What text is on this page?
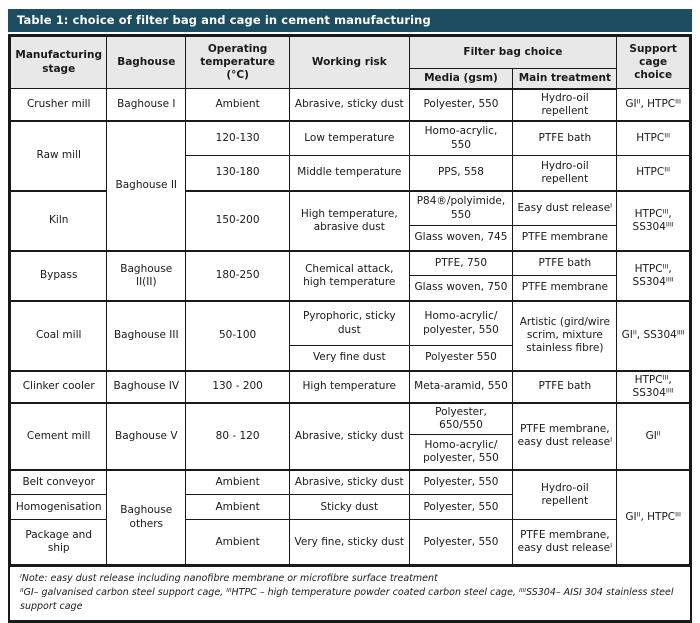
Table 1: choice of filter bag and cage in cement manufacturing
Manufacturing stage	Baghouse	Operating temperature (°C)	Working risk	Filter bag choice		Support cage choice
				Media (gsm)	Main treatment	
Crusher mill	Baghouse I	Ambient	Abrasive, sticky dust	Polyester, 550	Hydro-oil repellent	GIᴵᴵ, HTPCᴵᴵᴵ
Raw mill	Baghouse II	120-130	Low temperature	Homo-acrylic, 550	PTFE bath	HTPCᴵᴵᴵ
		130-180	Middle temperature	PPS, 558	Hydro-oil repellent	HTPCᴵᴵᴵ
Kiln		150-200	High temperature, abrasive dust	P84®/​polyimide, 550	Easy dust releaseᴵ	HTPCᴵᴵᴵ, SS304ᴵᴵᴵᴵ
				Glass woven, 745	PTFE membrane	
Bypass	Baghouse II(II)	180-250	Chemical attack, high temperature	PTFE, 750	PTFE bath	HTPCᴵᴵᴵ, SS304ᴵᴵᴵᴵ
				Glass woven, 750	PTFE membrane	
Coal mill	Baghouse III	50-100	Pyrophoric, sticky dust	Homo-acrylic/​polyester, 550	Artistic (gird/wire scrim, mixture stainless fibre)	GIᴵᴵ, SS304ᴵᴵᴵᴵ
			Very fine dust	Polyester 550		
Clinker cooler	Baghouse IV	130 - 200	High temperature	Meta-aramid, 550	PTFE bath	HTPCᴵᴵᴵ, SS304ᴵᴵᴵᴵ
Cement mill	Baghouse V	80 - 120	Abrasive, sticky dust	Polyester, 650/550	PTFE membrane, easy dust releaseᴵ	GIᴵᴵ
				Homo-acrylic/​polyester, 550		
Belt conveyor	Baghouse others	Ambient	Abrasive, sticky dust	Polyester, 550	Hydro-oil repellent	GIᴵᴵ, HTPCᴵᴵᴵ
Homogenisation		Ambient	Sticky dust	Polyester, 550		
Package and ship		Ambient	Very fine, sticky dust	Polyester, 550	PTFE membrane, easy dust releaseᴵ	
ᴵNote: easy dust release including nanofibre membrane or microfibre surface treatment
ᴵᴵGI– galvanised carbon steel support cage, ᴵᴵᴵHTPC – high temperature powder coated carbon steel cage, ᴵᴵᴵᴵSS304– AISI 304 stainless steel support cage
